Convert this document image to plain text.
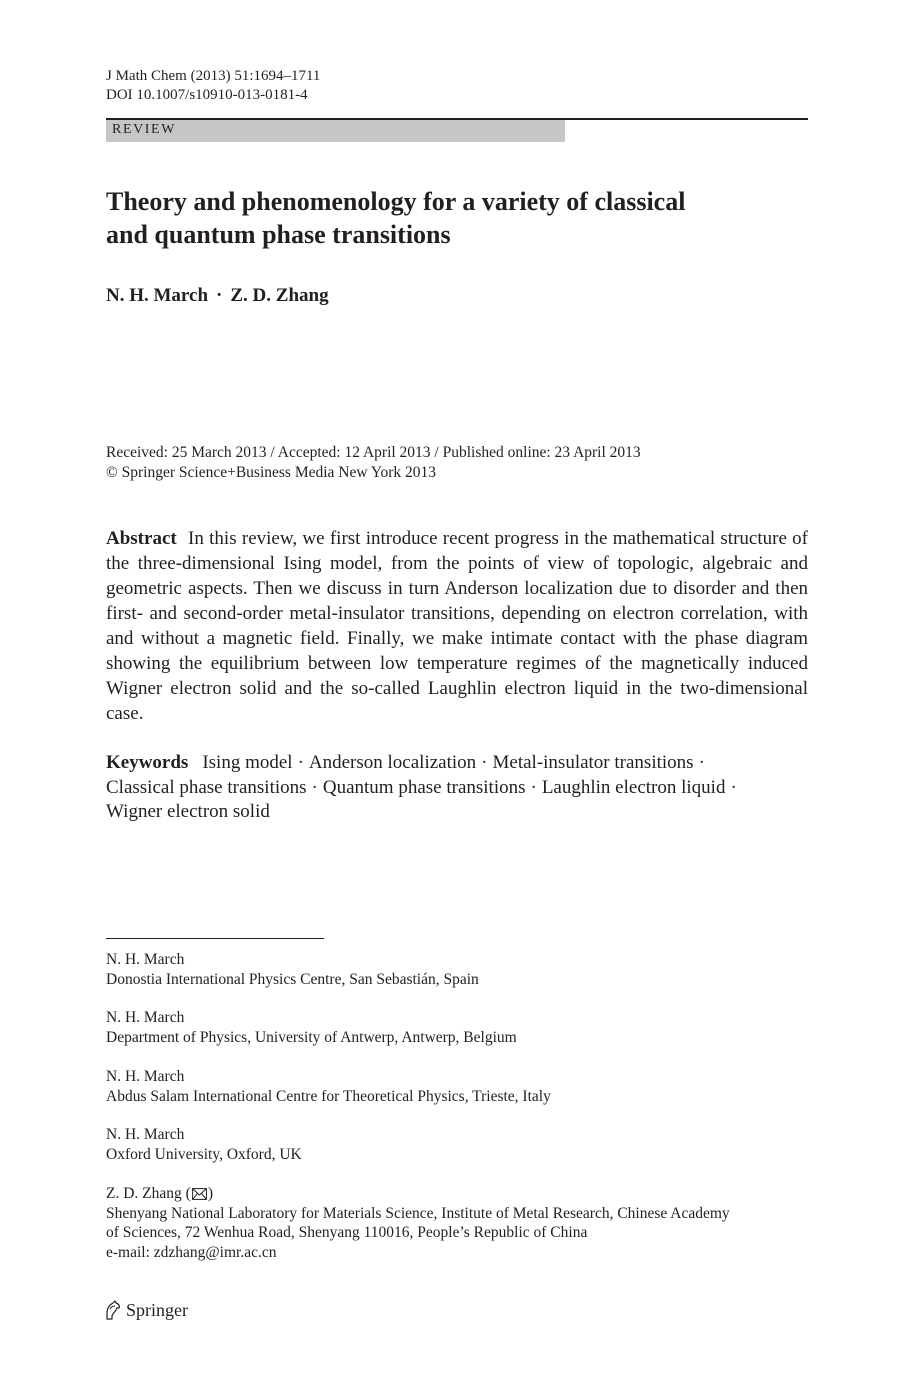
J Math Chem (2013) 51:1694–1711
DOI 10.1007/s10910-013-0181-4
REVIEW
Theory and phenomenology for a variety of classical
and quantum phase transitions
N. H. March · Z. D. Zhang
Received: 25 March 2013 / Accepted: 12 April 2013 / Published online: 23 April 2013
© Springer Science+Business Media New York 2013
Abstract In this review, we first introduce recent progress in the mathematical structure of the three-dimensional Ising model, from the points of view of topologic, algebraic and geometric aspects. Then we discuss in turn Anderson localization due to disorder and then first- and second-order metal-insulator transitions, depending on electron correlation, with and without a magnetic field. Finally, we make intimate contact with the phase diagram showing the equilibrium between low temperature regimes of the magnetically induced Wigner electron solid and the so-called Laughlin electron liquid in the two-dimensional case.
Keywords Ising model · Anderson localization · Metal-insulator transitions ·
Classical phase transitions · Quantum phase transitions · Laughlin electron liquid ·
Wigner electron solid
N. H. March
Donostia International Physics Centre, San Sebastián, Spain
N. H. March
Department of Physics, University of Antwerp, Antwerp, Belgium
N. H. March
Abdus Salam International Centre for Theoretical Physics, Trieste, Italy
N. H. March
Oxford University, Oxford, UK
Z. D. Zhang ( )
Shenyang National Laboratory for Materials Science, Institute of Metal Research, Chinese Academy
of Sciences, 72 Wenhua Road, Shenyang 110016, People’s Republic of China
e-mail: zdzhang@imr.ac.cn
Springer
